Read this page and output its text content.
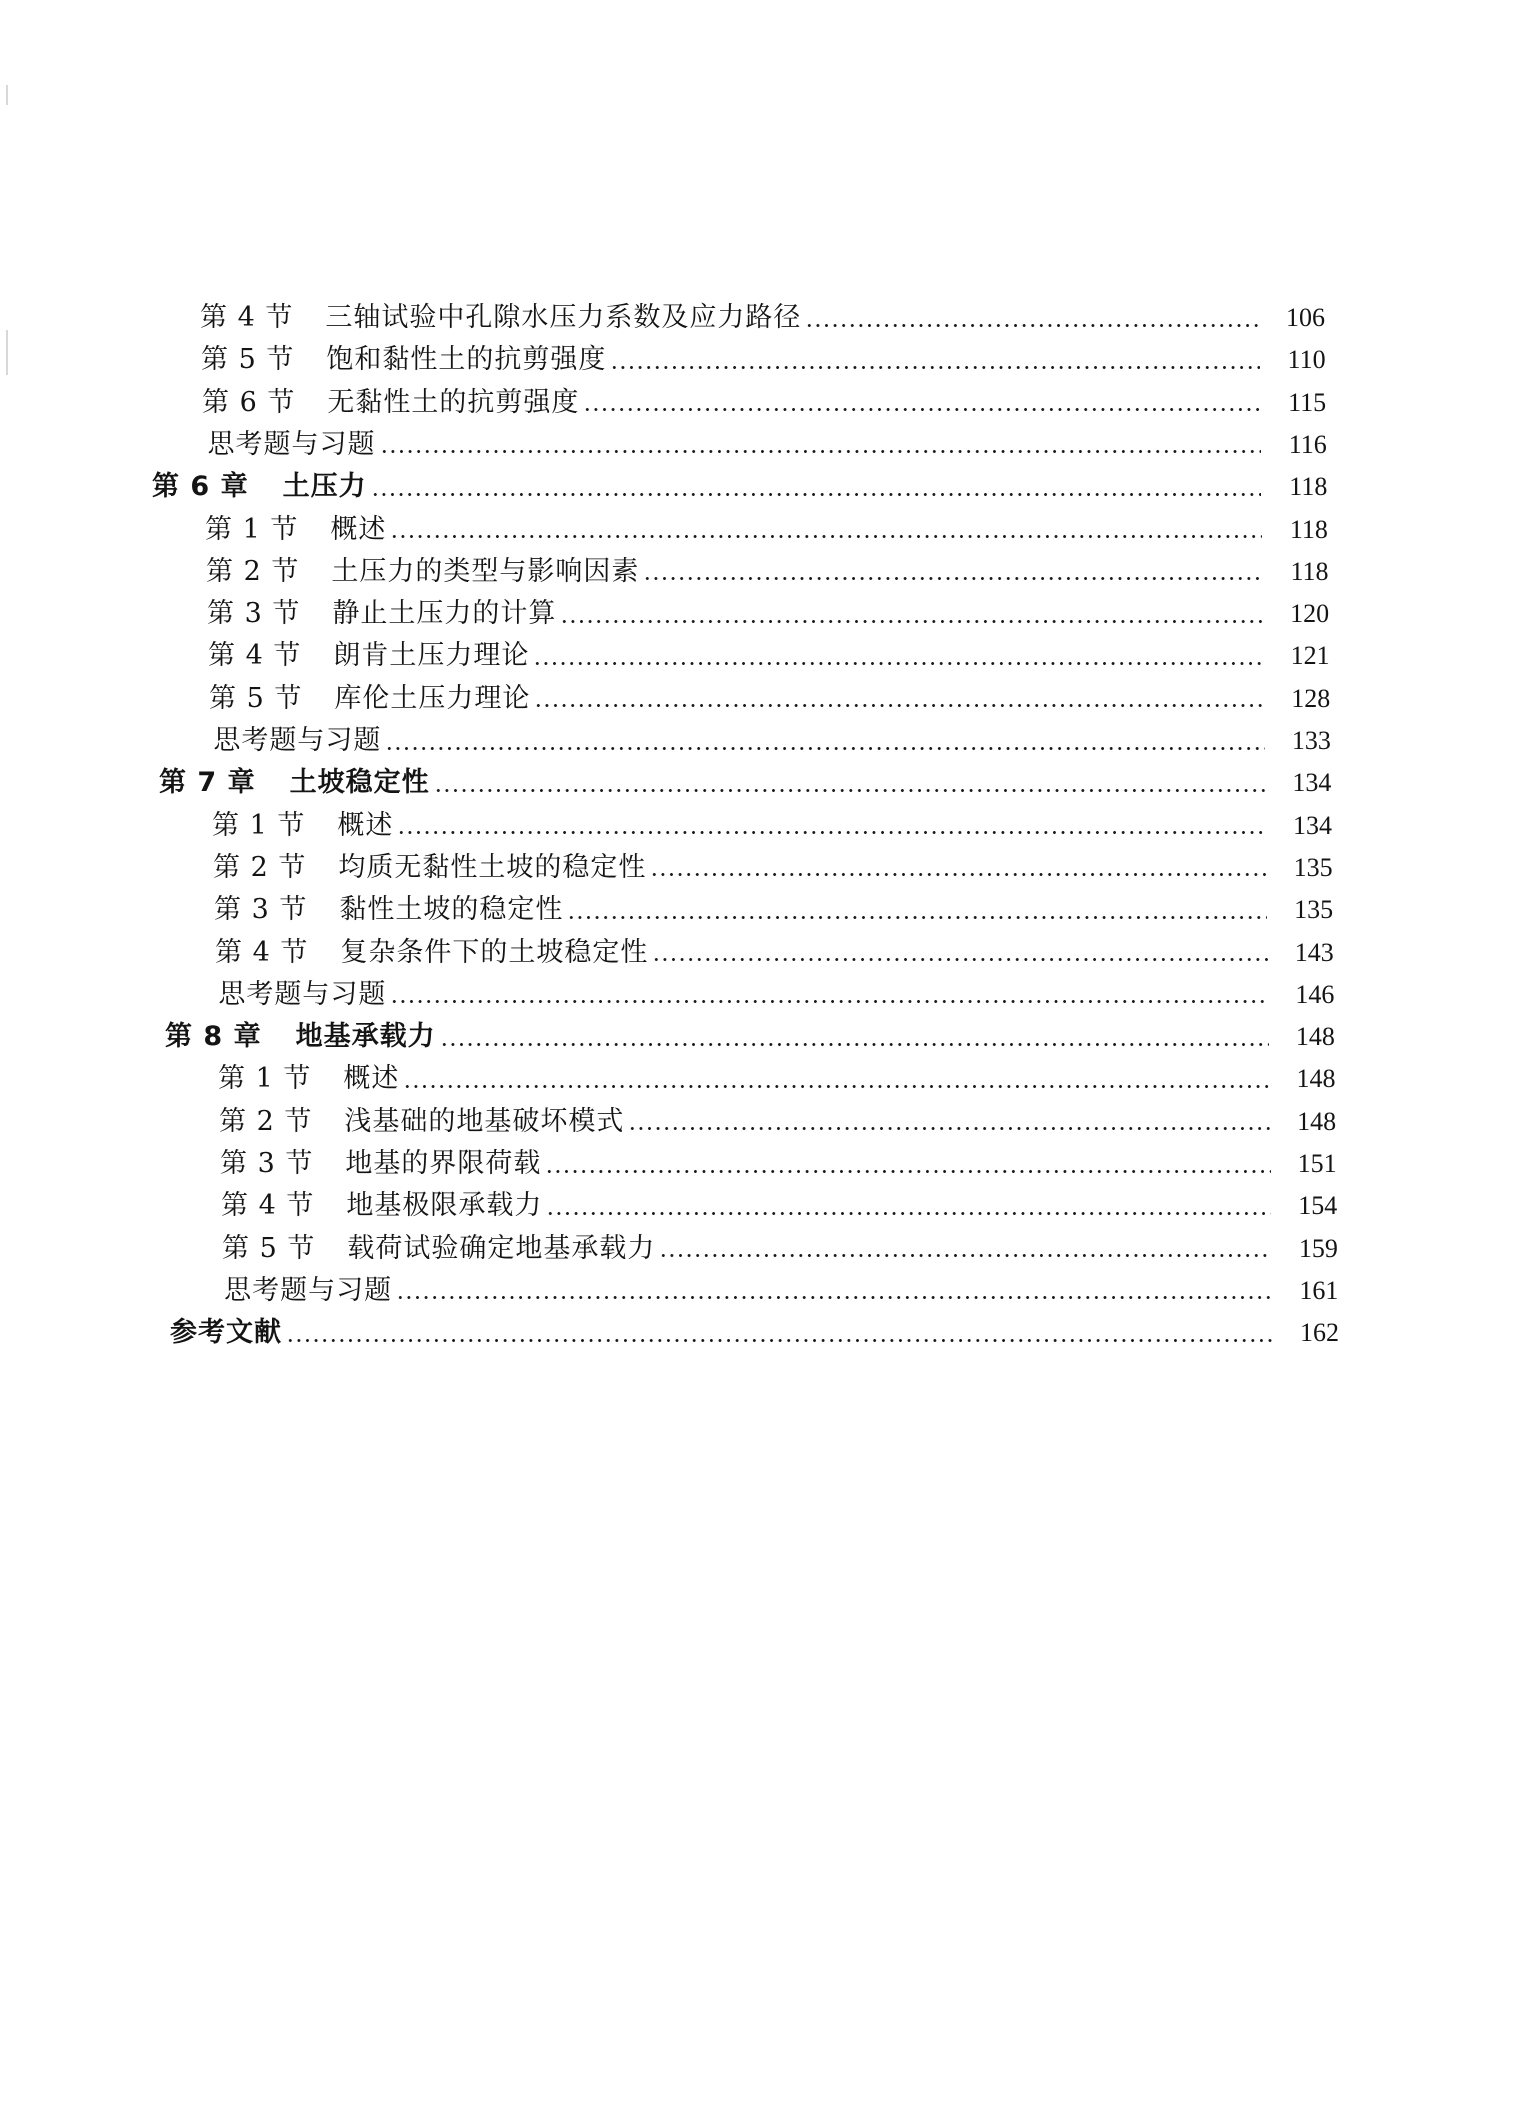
第 4 节 三轴试验中孔隙水压力系数及应力路径	106
第 5 节 饱和黏性土的抗剪强度	110
第 6 节 无黏性土的抗剪强度	115
思考题与习题	116
第 6 章 土压力	118
第 1 节 概述	118
第 2 节 土压力的类型与影响因素	118
第 3 节 静止土压力的计算	120
第 4 节 朗肯土压力理论	121
第 5 节 库伦土压力理论	128
思考题与习题	133
第 7 章 土坡稳定性	134
第 1 节 概述	134
第 2 节 均质无黏性土坡的稳定性	135
第 3 节 黏性土坡的稳定性	135
第 4 节 复杂条件下的土坡稳定性	143
思考题与习题	146
第 8 章 地基承载力	148
第 1 节 概述	148
第 2 节 浅基础的地基破坏模式	148
第 3 节 地基的界限荷载	151
第 4 节 地基极限承载力	154
第 5 节 载荷试验确定地基承载力	159
思考题与习题	161
参考文献	162
